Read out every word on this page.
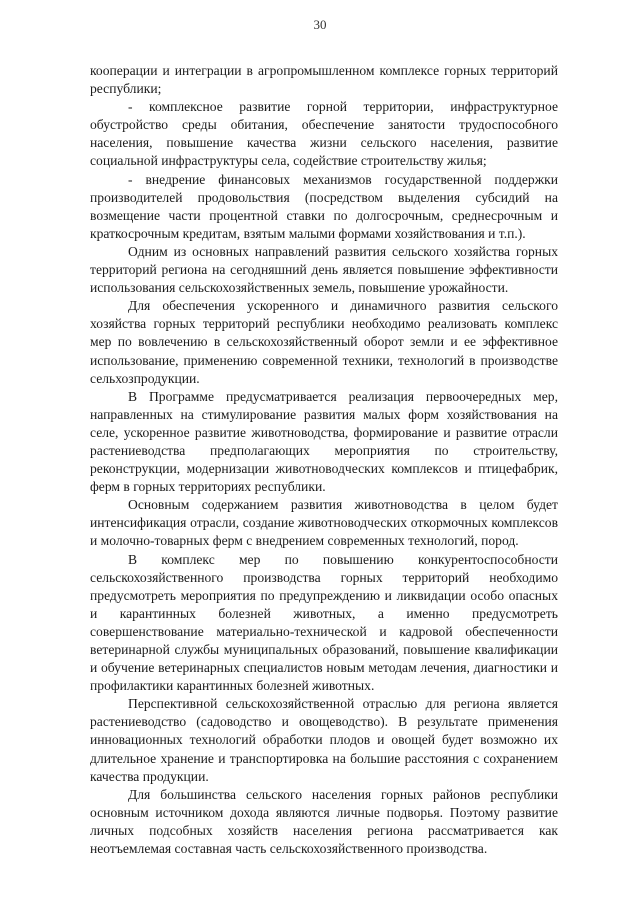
30

кооперации и интеграции в агропромышленном комплексе горных территорий республики;

- комплексное развитие горной территории, инфраструктурное обустройство среды обитания, обеспечение занятости трудоспособного населения, повышение качества жизни сельского населения, развитие социальной инфраструктуры села, содействие строительству жилья;

- внедрение финансовых механизмов государственной поддержки производителей продовольствия (посредством выделения субсидий на возмещение части процентной ставки по долгосрочным, среднесрочным и краткосрочным кредитам, взятым малыми формами хозяйствования и т.п.).

Одним из основных направлений развития сельского хозяйства горных территорий региона на сегодняшний день является повышение эффективности использования сельскохозяйственных земель, повышение урожайности.

Для обеспечения ускоренного и динамичного развития сельского хозяйства горных территорий республики необходимо реализовать комплекс мер по вовлечению в сельскохозяйственный оборот земли и ее эффективное использование, применению современной техники, технологий в производстве сельхозпродукции.

В Программе предусматривается реализация первоочередных мер, направленных на стимулирование развития малых форм хозяйствования на селе, ускоренное развитие животноводства, формирование и развитие отрасли растениеводства предполагающих мероприятия по строительству, реконструкции, модернизации животноводческих комплексов и птицефабрик, ферм в горных территориях республики.

Основным содержанием развития животноводства в целом будет интенсификация отрасли, создание животноводческих откормочных комплексов и молочно-товарных ферм с внедрением современных технологий, пород.

В комплекс мер по повышению конкурентоспособности сельскохозяйственного производства горных территорий необходимо предусмотреть мероприятия по предупреждению и ликвидации особо опасных и карантинных болезней животных, а именно предусмотреть совершенствование материально-технической и кадровой обеспеченности ветеринарной службы муниципальных образований, повышение квалификации и обучение ветеринарных специалистов новым методам лечения, диагностики и профилактики карантинных болезней животных.

Перспективной сельскохозяйственной отраслью для региона является растениеводство (садоводство и овощеводство). В результате применения инновационных технологий обработки плодов и овощей будет возможно их длительное хранение и транспортировка на большие расстояния с сохранением качества продукции.

Для большинства сельского населения горных районов республики основным источником дохода являются личные подворья. Поэтому развитие личных подсобных хозяйств населения региона рассматривается как неотъемлемая составная часть сельскохозяйственного производства.
